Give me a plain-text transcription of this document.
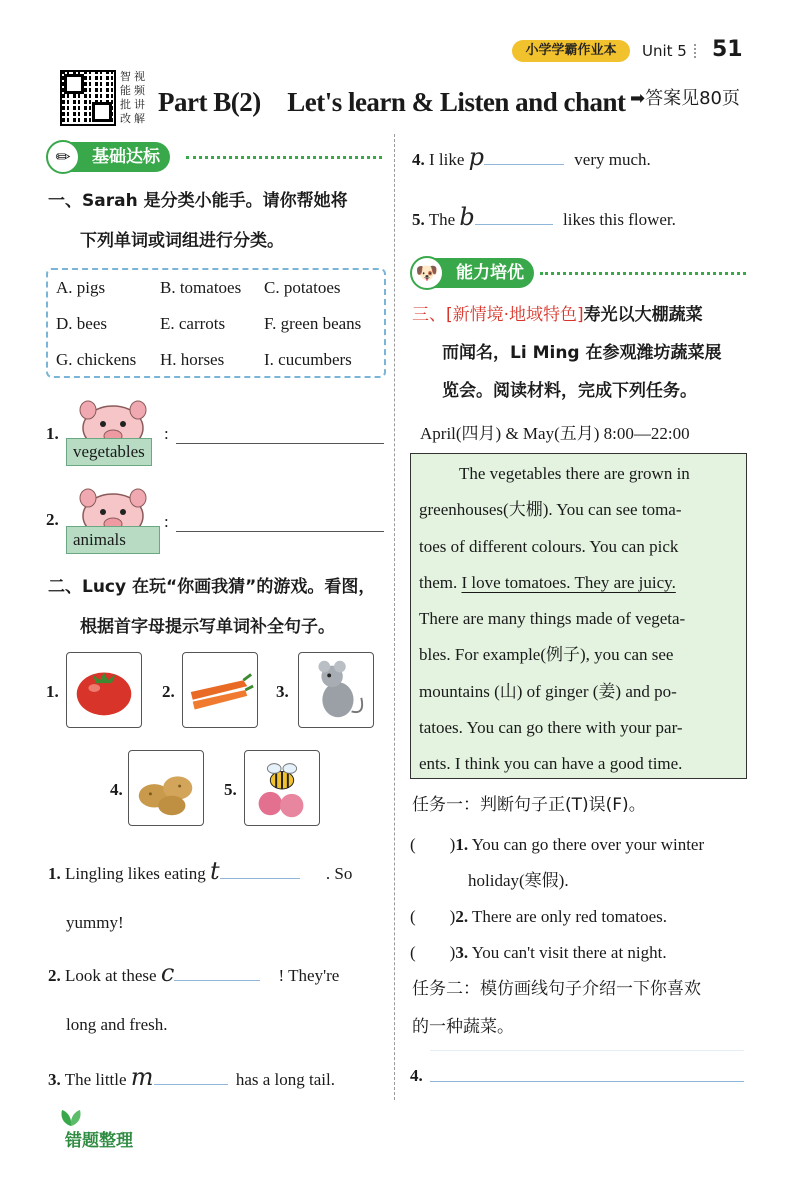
小学学霸作业本	Unit 5 51
智能批改
视频讲解
Part B(2)　Let's learn & Listen and chant ➡答案见80页
基础达标
✏
一、Sarah 是分类小能手。请你帮她将
下列单词或词组进行分类。
A. pigs	B. tomatoes C. potatoes
D. bees	E. carrots F. green beans
G. chickens H. horses I. cucumbers
1.
vegetables
:
2.
animals
:
二、Lucy 在玩“你画我猜”的游戏。看图，
根据首字母提示写单词补全句子。
1.	2.	3.
4.	5.
1. Lingling likes eating t	. So
yummy!
2. Look at these c	! They're
long and fresh.
3. The little m	has a long tail.
4. I like p	very much.
5. The b	likes this flower.
能力培优
🐶
三、[新情境·地域特色]寿光以大棚蔬菜
而闻名，Li Ming 在参观潍坊蔬菜展
览会。阅读材料，完成下列任务。
April(四月) & May(五月) 8:00—22:00
The vegetables there are grown in
greenhouses(大棚). You can see toma-
toes of different colours. You can pick
them. I love tomatoes. They are juicy.
There are many things made of vegeta-
bles. For example(例子), you can see
mountains (山) of ginger (姜) and po-
tatoes. You can go there with your par-
ents. I think you can have a good time.
任务一：判断句子正(T)误(F)。
(　　)1. You can go there over your winter
holiday(寒假).
(　　)2. There are only red tomatoes.
(　　)3. You can't visit there at night.
任务二：模仿画线句子介绍一下你喜欢
的一种蔬菜。
4.
错题整理
